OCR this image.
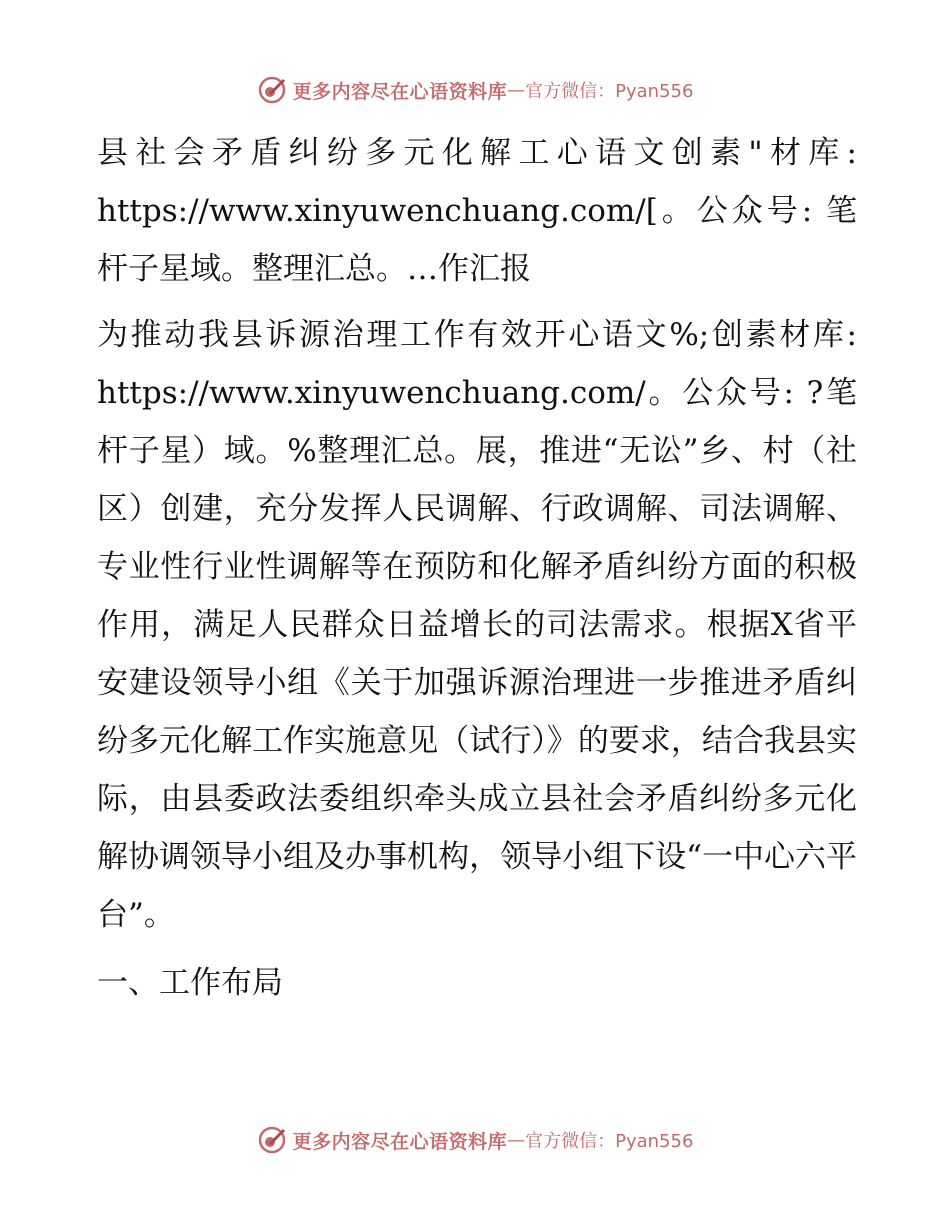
更多内容尽在心语资料库 — 官方微信：Pyan556

县社会矛盾纠纷多元化解工心语文创素"材库: https://www.xinyuwenchuang.com/[。公众号: 笔杆子星域。整理汇总。…作汇报

为推动我县诉源治理工作有效开心语文%;创素材库: https://www.xinyuwenchuang.com/。公众号: ?笔杆子星）域。%整理汇总。展，推进“无讼”乡、村（社区）创建，充分发挥人民调解、行政调解、司法调解、专业性行业性调解等在预防和化解矛盾纠纷方面的积极作用，满足人民群众日益增长的司法需求。根据X省平安建设领导小组《关于加强诉源治理进一步推进矛盾纠纷多元化解工作实施意见（试行）》的要求，结合我县实际，由县委政法委组织牵头成立县社会矛盾纠纷多元化解协调领导小组及办事机构，领导小组下设“一中心六平台”。

一、工作布局

更多内容尽在心语资料库 — 官方微信：Pyan556
